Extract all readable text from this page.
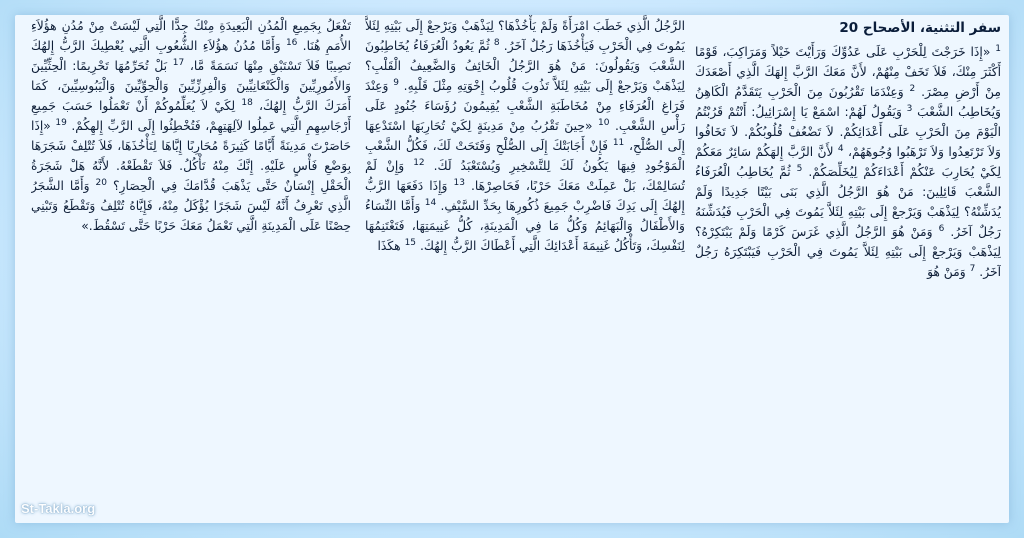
سفر التثنية، الأصحاح 20
$^1$ «إِذَا خَرَجْتَ لِلْحَرْبِ عَلَى عَدُوِّكَ وَرَأَيْتَ خَيْلاً وَمَرَاكِبَ، قَوْمًا أَكْثَرَ مِنْكَ، فَلاَ تَخَفْ مِنْهُمْ، لأَنَّ مَعَكَ الرَّبَّ إِلهَكَ الَّذِي أَصْعَدَكَ مِنْ أَرْضِ مِصْرَ. $^2$ وَعِنْدَمَا تَقْرُبُونَ مِنَ الْحَرْبِ يَتَقَدَّمُ الْكَاهِنُ وَيُخَاطِبُ الشَّعْبَ $^3$ وَيَقُولُ لَهُمْ: اسْمَعْ يَا إِسْرَائِيلُ: أَنْتُمْ قَرُبْتُمُ الْيَوْمَ مِنَ الْحَرْبِ عَلَى أَعْدَائِكُمْ. لاَ تَضْعُفْ قُلُوبُكُمْ. لاَ تَخَافُوا وَلاَ تَرْتَعِدُوا وَلاَ تَرْهَبُوا وُجُوهَهُمْ، $^4$ لأَنَّ الرَّبَّ إِلهَكُمْ سَائِرٌ مَعَكُمْ لِكَيْ يُحَارِبَ عَنْكُمْ أَعْدَاءَكُمْ لِيُخَلِّصَكُمْ. $^5$ ثُمَّ يُخَاطِبُ الْعُرَفَاءُ الشَّعْبَ قَائِلِينَ: مَنْ هُوَ الرَّجُلُ الَّذِي بَنَى بَيْتًا جَدِيدًا وَلَمْ يُدَشِّنْهُ؟ لِيَذْهَبْ وَيَرْجعْ إِلَى بَيْتِهِ لِئَلاَّ يَمُوتَ فِي الْحَرْبِ فَيُدَشِّنَهُ رَجُلٌ آخَرُ. $^6$ وَمَنْ هُوَ الرَّجُلُ الَّذِي غَرَسَ كَرْمًا وَلَمْ يَبْتَكِرْهُ؟ لِيَذْهَبْ وَيَرْجعْ إِلَى بَيْتِهِ لِئَلاَّ يَمُوتَ فِي الْحَرْبِ فَيَبْتَكِرَهُ رَجُلٌ آخَرُ. $^7$ وَمَنْ هُوَ
الرَّجُلُ الَّذِي خَطَبَ امْرَأَةً وَلَمْ يَأْخُذْهَا؟ لِيَذْهَبْ وَيَرْجعْ إِلَى بَيْتِهِ لِئَلاَّ يَمُوتَ فِي الْحَرْبِ فَيَأْخُذَهَا رَجُلٌ آخَرُ. $^8$ ثُمَّ يَعُودُ الْعُرَفَاءُ يُخَاطِبُونَ الشَّعْبَ وَيَقُولُونَ: مَنْ هُوَ الرَّجُلُ الْخَائِفُ وَالضَّعِيفُ الْقَلْبِ؟ لِيَذْهَبْ وَيَرْجعْ إِلَى بَيْتِهِ لِئَلاَّ تَذُوبَ قُلُوبُ إِخْوَتِهِ مِثْلَ قَلْبِهِ. $^9$ وَعِنْدَ فَرَاغِ الْعُرَفَاءِ مِنْ مُخَاطَبَةِ الشَّعْبِ يُقِيمُونَ رُؤَسَاءَ جُنُودٍ عَلَى رَأْسِ الشَّعْبِ. $^{10}$ «حِينَ تَقْرُبُ مِنْ مَدِينَةٍ لِكَيْ تُحَارِبَهَا اسْتَدْعِهَا إِلَى الصُّلْحِ، $^{11}$ فَإِنْ أَجَابَتْكَ إِلَى الصُّلْحِ وَفَتَحَتْ لَكَ، فَكُلُّ الشَّعْبِ الْمَوْجُودِ فِيهَا يَكُونُ لَكَ لِلتَّسْخِيرِ وَيُسْتَعْبَدُ لَكَ. $^{12}$ وَإِنْ لَمْ تُسَالِمْكَ، بَلْ عَمِلَتْ مَعَكَ حَرْبًا، فَحَاصِرْهَا. $^{13}$ وَإِذَا دَفَعَهَا الرَّبُّ إِلهُكَ إِلَى يَدِكَ فَاضْرِبْ جَمِيعَ ذُكُورِهَا بِحَدِّ السَّيْفِ. $^{14}$ وَأَمَّا النِّسَاءُ وَالأَطْفَالُ وَالْبَهَائِمُ وَكُلُّ مَا فِي الْمَدِينَةِ، كُلُّ غَنِيمَتِهَا، فَتَغْتَنِمُهَا لِنَفْسِكَ، وَتَأْكُلُ غَنِيمَةَ أَعْدَائِكَ الَّتِي أَعْطَاكَ الرَّبُّ إِلهُكَ. $^{15}$ هكَذَا
تَفْعَلُ بِجَمِيعِ الْمُدُنِ الْبَعِيدَةِ مِنْكَ جِدًّا الَّتِي لَيْسَتْ مِنْ مُدُنِ هؤُلاَءِ الأُمَمِ هُنَا. $^{16}$ وَأَمَّا مُدُنُ هؤُلاَءِ الشُّعُوبِ الَّتِي يُعْطِيكَ الرَّبُّ إِلهُكَ نَصِيبًا فَلاَ تَسْتَبْقِ مِنْهَا نَسَمَةً مَّا، $^{17}$ بَلْ تُحَرِّمُهَا تَحْرِيمًا: الْحِثِّيِّينَ وَالأَمُورِيِّينَ وَالْكَنْعَانِيِّينَ وَالْفِرِزِّيِّينَ وَالْحِوِّيِّينَ وَالْيَبُوسِيِّينَ، كَمَا أَمَرَكَ الرَّبُّ إِلهُكَ، $^{18}$ لِكَيْ لاَ يُعَلِّمُوكُمْ أَنْ تَعْمَلُوا حَسَبَ جَمِيعِ أَرْجَاسِهِمِ الَّتِي عَمِلُوا لآلِهَتِهِمْ، فَتُخْطِئُوا إِلَى الرَّبِّ إِلهِكُمْ. $^{19}$ «إِذَا حَاصَرْتَ مَدِينَةً أَيَّامًا كَثِيرَةً مُحَارِبًا إِيَّاهَا لِتَأْخُذَهَا، فَلاَ تُتْلِفْ شَجَرَهَا بِوَضْعِ فَأْسٍ عَلَيْهِ. إِنَّكَ مِنْهُ تَأْكُلُ. فَلاَ تَقْطَعْهُ. لأَنَّهُ هَلْ شَجَرَةُ الْحَقْلِ إِنْسَانٌ حَتَّى يَذْهَبَ قُدَّامَكَ فِي الْحِصَارِ؟ $^{20}$ وَأَمَّا الشَّجَرُ الَّذِي تَعْرِفُ أَنَّهُ لَيْسَ شَجَرًا يُؤْكَلُ مِنْهُ، فَإِيَّاهُ تُتْلِفُ وَتَقْطَعُ وَتَبْنِي حِصْنًا عَلَى الْمَدِينَةِ الَّتِي تَعْمَلُ مَعَكَ حَرْبًا حَتَّى تَسْقُطَ.»
St-Takla.org
